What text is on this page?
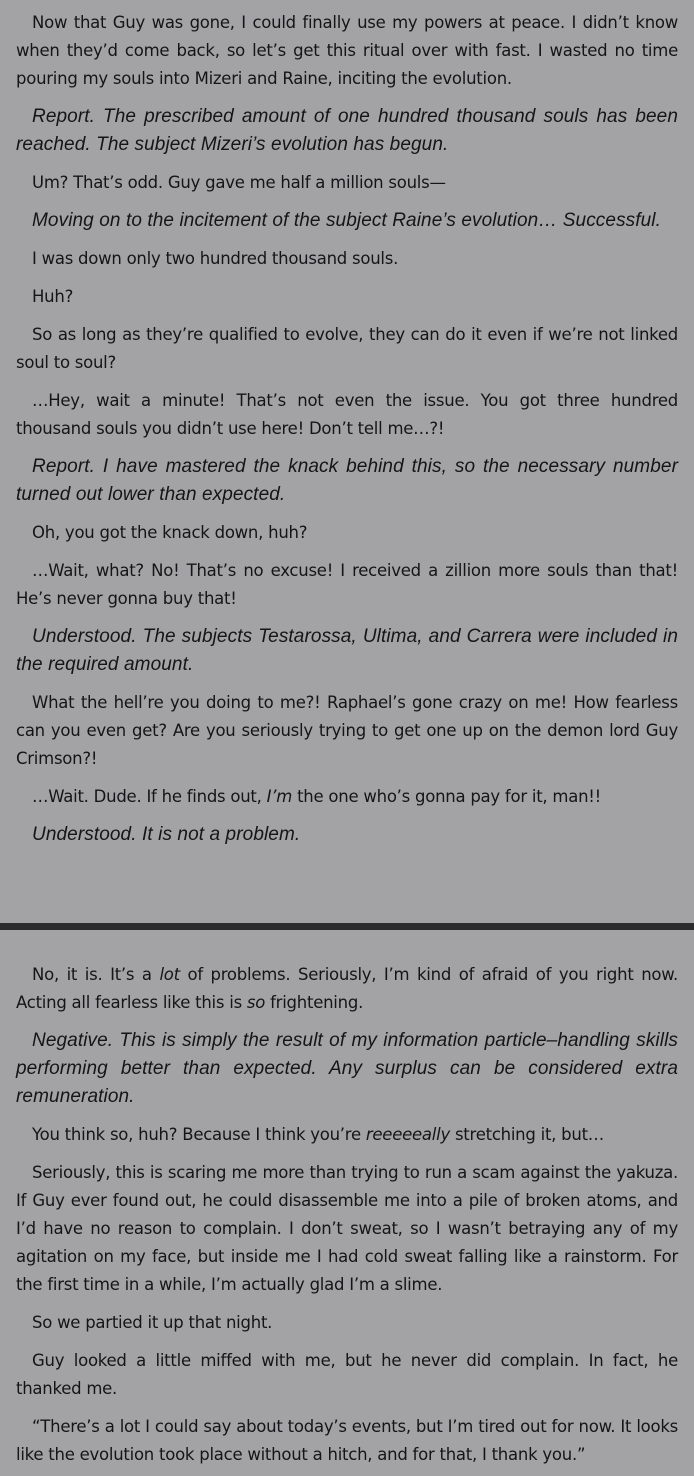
Now that Guy was gone, I could finally use my powers at peace. I didn’t know when they’d come back, so let’s get this ritual over with fast. I wasted no time pouring my souls into Mizeri and Raine, inciting the evolution.

Report. The prescribed amount of one hundred thousand souls has been reached. The subject Mizeri’s evolution has begun.

Um? That’s odd. Guy gave me half a million souls—

Moving on to the incitement of the subject Raine’s evolution… Successful.

I was down only two hundred thousand souls.

Huh?

So as long as they’re qualified to evolve, they can do it even if we’re not linked soul to soul?

…Hey, wait a minute! That’s not even the issue. You got three hundred thousand souls you didn’t use here! Don’t tell me…?!

Report. I have mastered the knack behind this, so the necessary number turned out lower than expected.

Oh, you got the knack down, huh?

…Wait, what? No! That’s no excuse! I received a zillion more souls than that! He’s never gonna buy that!

Understood. The subjects Testarossa, Ultima, and Carrera were included in the required amount.

What the hell’re you doing to me?! Raphael’s gone crazy on me! How fearless can you even get? Are you seriously trying to get one up on the demon lord Guy Crimson?!

…Wait. Dude. If he finds out, I’m the one who’s gonna pay for it, man!!

Understood. It is not a problem.

No, it is. It’s a lot of problems. Seriously, I’m kind of afraid of you right now. Acting all fearless like this is so frightening.

Negative. This is simply the result of my information particle–handling skills performing better than expected. Any surplus can be considered extra remuneration.

You think so, huh? Because I think you’re reeeeeally stretching it, but…

Seriously, this is scaring me more than trying to run a scam against the yakuza. If Guy ever found out, he could disassemble me into a pile of broken atoms, and I’d have no reason to complain. I don’t sweat, so I wasn’t betraying any of my agitation on my face, but inside me I had cold sweat falling like a rainstorm. For the first time in a while, I’m actually glad I’m a slime.

So we partied it up that night.

Guy looked a little miffed with me, but he never did complain. In fact, he thanked me.

“There’s a lot I could say about today’s events, but I’m tired out for now. It looks like the evolution took place without a hitch, and for that, I thank you.”
